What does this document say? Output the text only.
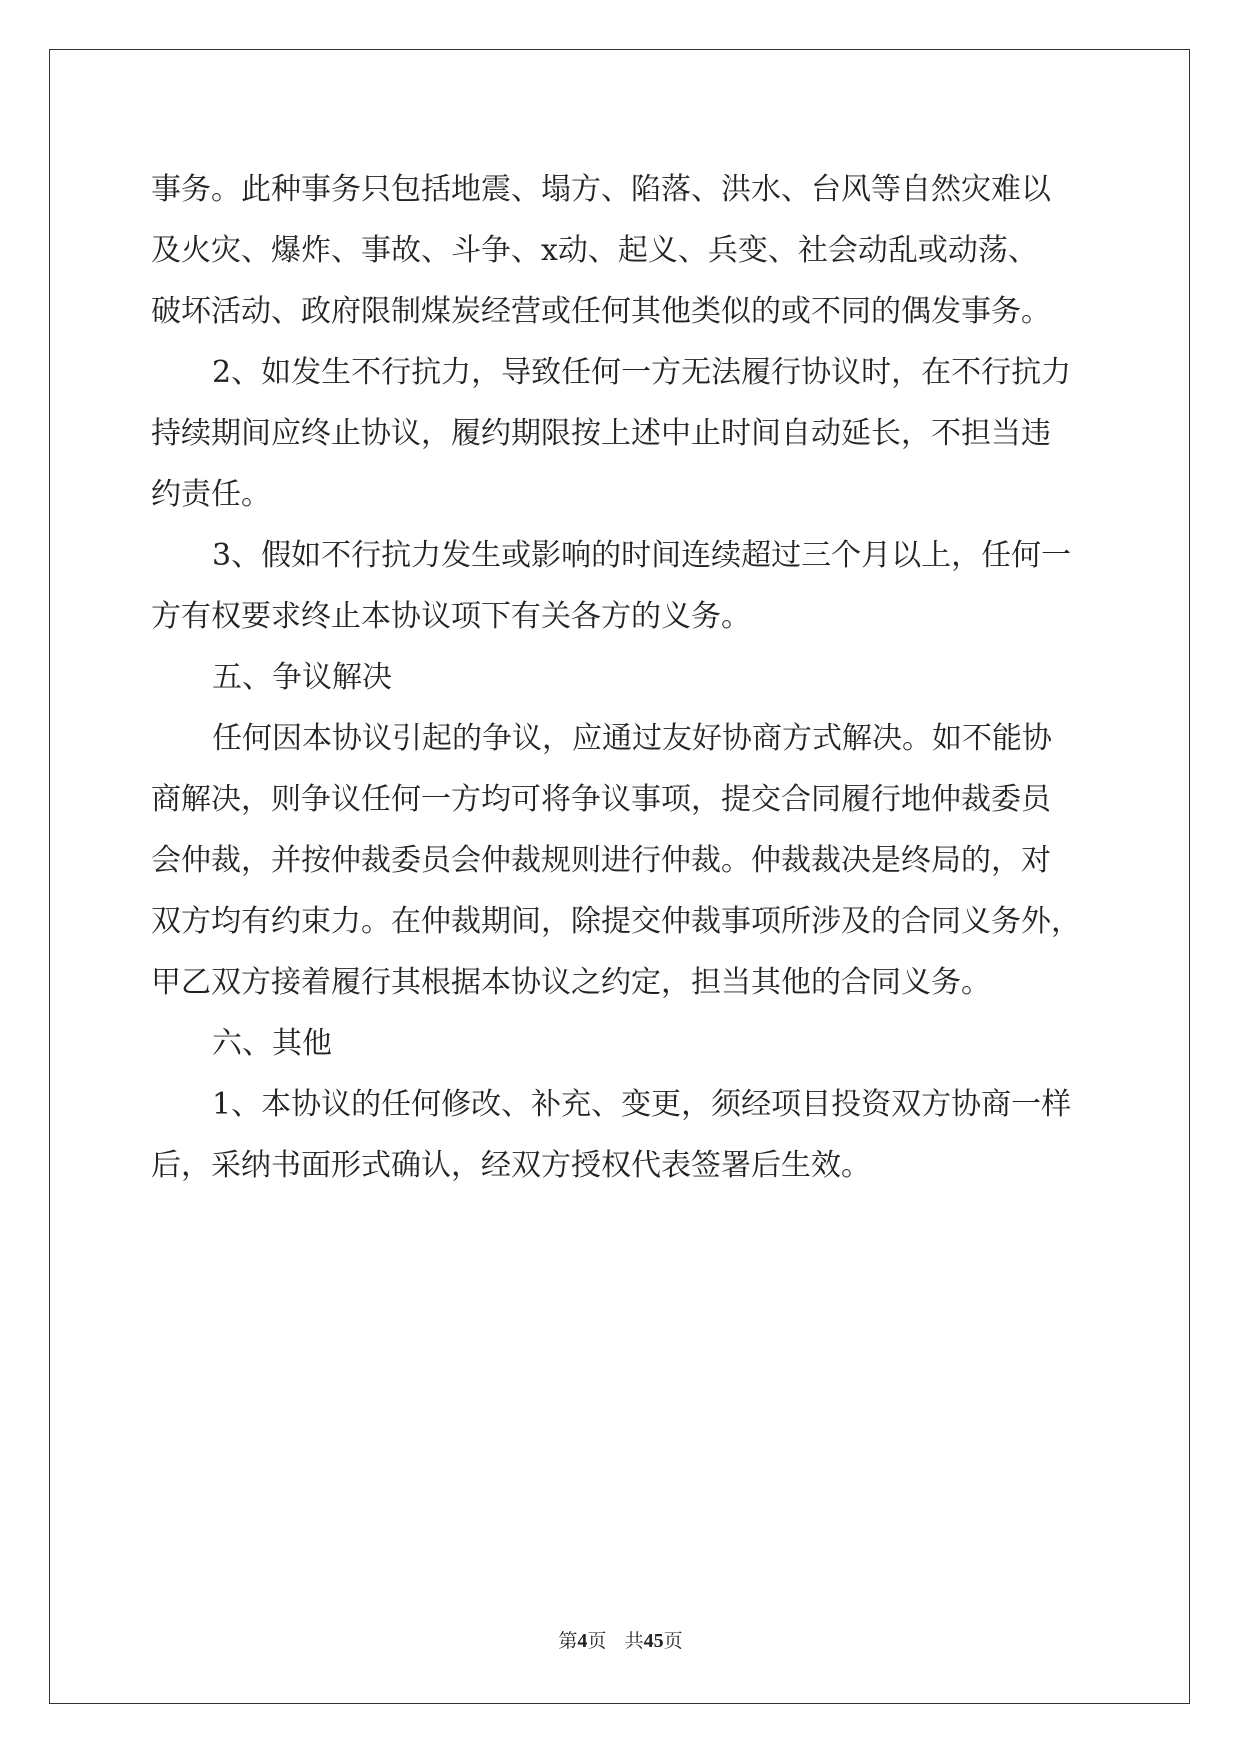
事务。此种事务只包括地震、塌方、陷落、洪水、台风等自然灾难以

及火灾、爆炸、事故、斗争、x动、起义、兵变、社会动乱或动荡、

破坏活动、政府限制煤炭经营或任何其他类似的或不同的偶发事务。

2、如发生不行抗力，导致任何一方无法履行协议时，在不行抗力

持续期间应终止协议，履约期限按上述中止时间自动延长，不担当违

约责任。

3、假如不行抗力发生或影响的时间连续超过三个月以上，任何一

方有权要求终止本协议项下有关各方的义务。

五、争议解决

任何因本协议引起的争议，应通过友好协商方式解决。如不能协

商解决，则争议任何一方均可将争议事项，提交合同履行地仲裁委员

会仲裁，并按仲裁委员会仲裁规则进行仲裁。仲裁裁决是终局的，对

双方均有约束力。在仲裁期间，除提交仲裁事项所涉及的合同义务外，

甲乙双方接着履行其根据本协议之约定，担当其他的合同义务。

六、其他

1、本协议的任何修改、补充、变更，须经项目投资双方协商一样

后，采纳书面形式确认，经双方授权代表签署后生效。

第4页 共45页
